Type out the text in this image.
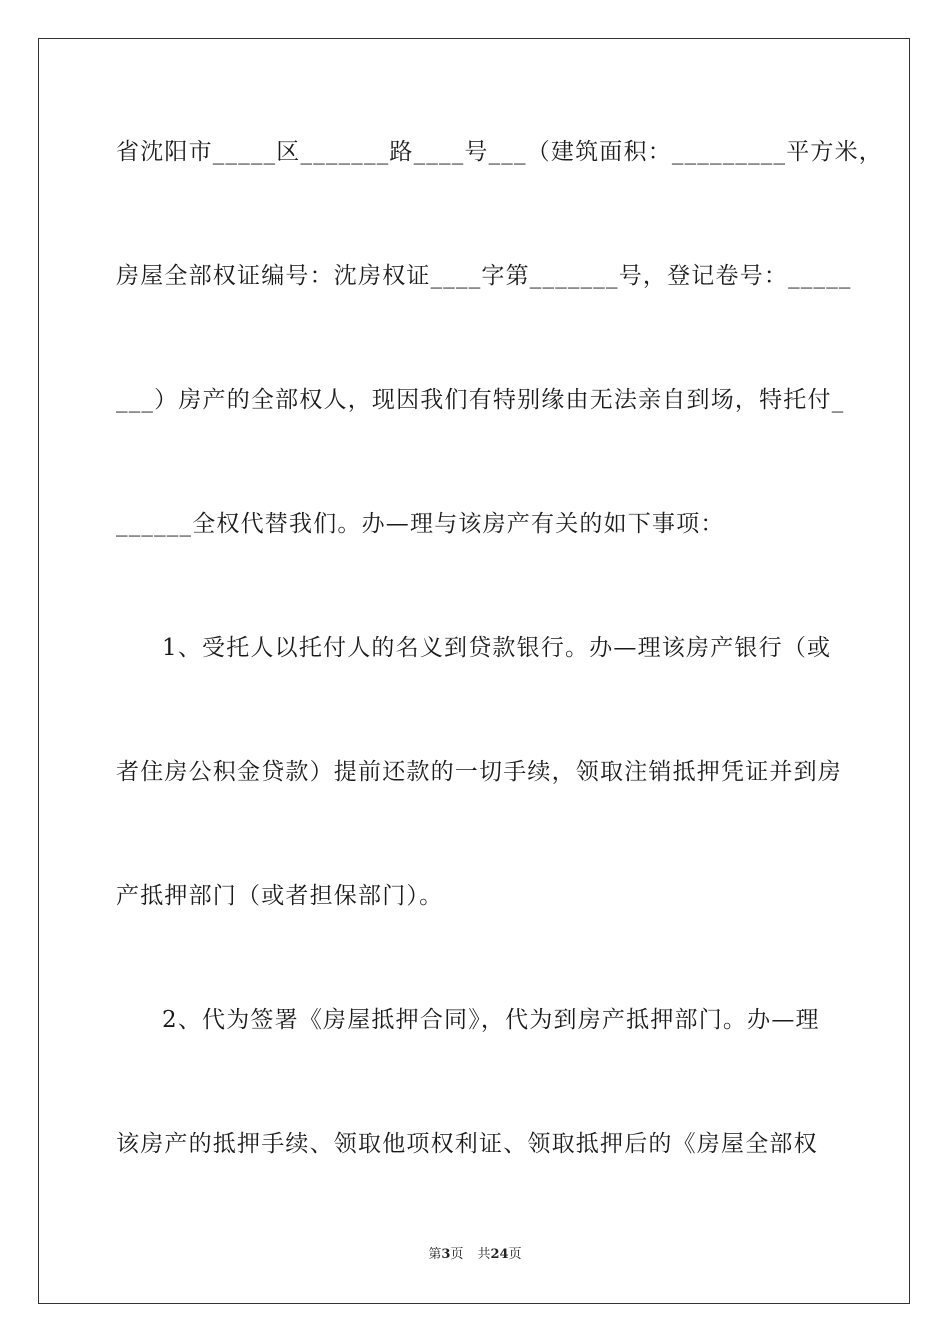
省沈阳市_____区_______路____号___（建筑面积：_________平方米，
房屋全部权证编号：沈房权证____字第_______号，登记卷号：_____
___）房产的全部权人，现因我们有特别缘由无法亲自到场，特托付_
______全权代替我们。办—理与该房产有关的如下事项：
1、受托人以托付人的名义到贷款银行。办—理该房产银行（或
者住房公积金贷款）提前还款的一切手续，领取注销抵押凭证并到房
产抵押部门（或者担保部门）。
2、代为签署《房屋抵押合同》，代为到房产抵押部门。办—理
该房产的抵押手续、领取他项权利证、领取抵押后的《房屋全部权
第3页 共24页
